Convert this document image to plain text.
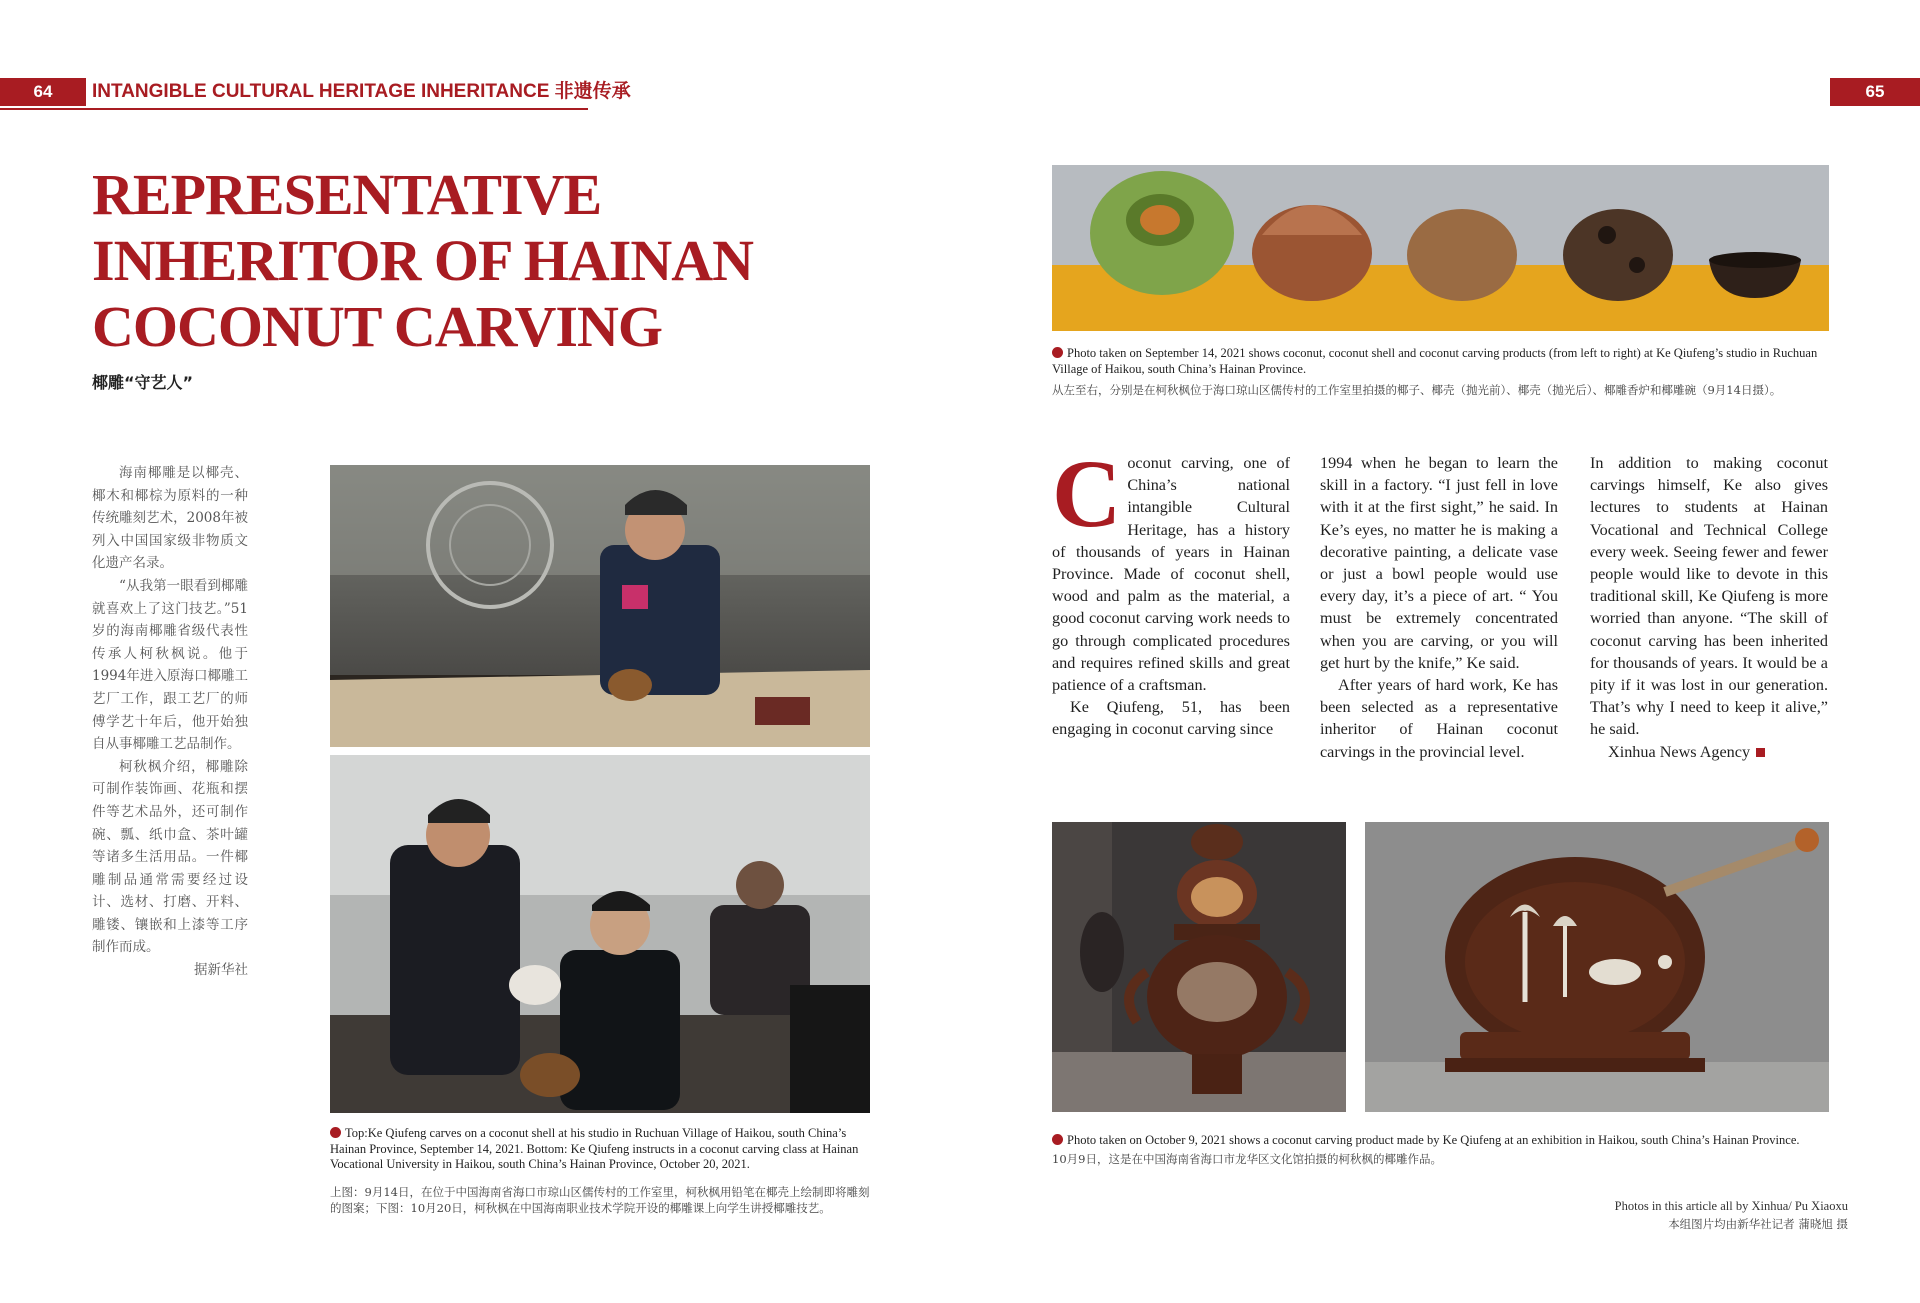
64	INTANGIBLE CULTURAL HERITAGE INHERITANCE 非遗传承	65
REPRESENTATIVE
INHERITOR OF HAINAN
COCONUT CARVING
椰雕“守艺人”

海南椰雕是以椰壳、椰木和椰棕为原料的一种传统雕刻艺术，2008年被列入中国国家级非物质文化遗产名录。

“从我第一眼看到椰雕就喜欢上了这门技艺。”51岁的海南椰雕省级代表性传承人柯秋枫说。他于1994年进入原海口椰雕工艺厂工作，跟工艺厂的师傅学艺十年后，他开始独自从事椰雕工艺品制作。

柯秋枫介绍，椰雕除可制作装饰画、花瓶和摆件等艺术品外，还可制作碗、瓢、纸巾盒、茶叶罐等诸多生活用品。一件椰雕制品通常需要经过设计、选材、打磨、开料、雕镂、镶嵌和上漆等工序制作而成。

据新华社

Top:Ke Qiufeng carves on a coconut shell at his studio in Ruchuan Village of Haikou, south China’s Hainan Province, September 14, 2021. Bottom: Ke Qiufeng instructs in a coconut carving class at Hainan Vocational University in Haikou, south China’s Hainan Province, October 20, 2021.
上图：9月14日，在位于中国海南省海口市琼山区儒传村的工作室里，柯秋枫用铅笔在椰壳上绘制即将雕刻的图案；下图：10月20日，柯秋枫在中国海南职业技术学院开设的椰雕课上向学生讲授椰雕技艺。
Photo taken on September 14, 2021 shows coconut, coconut shell and coconut carving products (from left to right) at Ke Qiufeng’s studio in Ruchuan Village of Haikou, south China’s Hainan Province.
从左至右，分别是在柯秋枫位于海口琼山区儒传村的工作室里拍摄的椰子、椰壳（抛光前）、椰壳（抛光后）、椰雕香炉和椰雕碗（9月14日摄）。

Coconut carving, one of China’s national intangible Cultural Heritage, has a history of thousands of years in Hainan Province. Made of coconut shell, wood and palm as the material, a good coconut carving work needs to go through complicated procedures and requires refined skills and great patience of a craftsman.

Ke Qiufeng, 51, has been engaging in coconut carving since

1994 when he began to learn the skill in a factory. “I just fell in love with it at the first sight,” he said. In Ke’s eyes, no matter he is making a decorative painting, a delicate vase or just a bowl people would use every day, it’s a piece of art. “ You must be extremely concentrated when you are carving, or you will get hurt by the knife,” Ke said.

After years of hard work, Ke has been selected as a representative inheritor of Hainan coconut carvings in the provincial level.

In addition to making coconut carvings himself, Ke also gives lectures to students at Hainan Vocational and Technical College every week. Seeing fewer and fewer people would like to devote in this traditional skill, Ke Qiufeng is more worried than anyone. “The skill of coconut carving has been inherited for thousands of years. It would be a pity if it was lost in our generation. That’s why I need to keep it alive,” he said.

Xinhua News Agency

Photo taken on October 9, 2021 shows a coconut carving product made by Ke Qiufeng at an exhibition in Haikou, south China’s Hainan Province.
10月9日，这是在中国海南省海口市龙华区文化馆拍摄的柯秋枫的椰雕作品。
Photos in this article all by Xinhua/ Pu Xiaoxu
本组图片均由新华社记者 蒲晓旭 摄
